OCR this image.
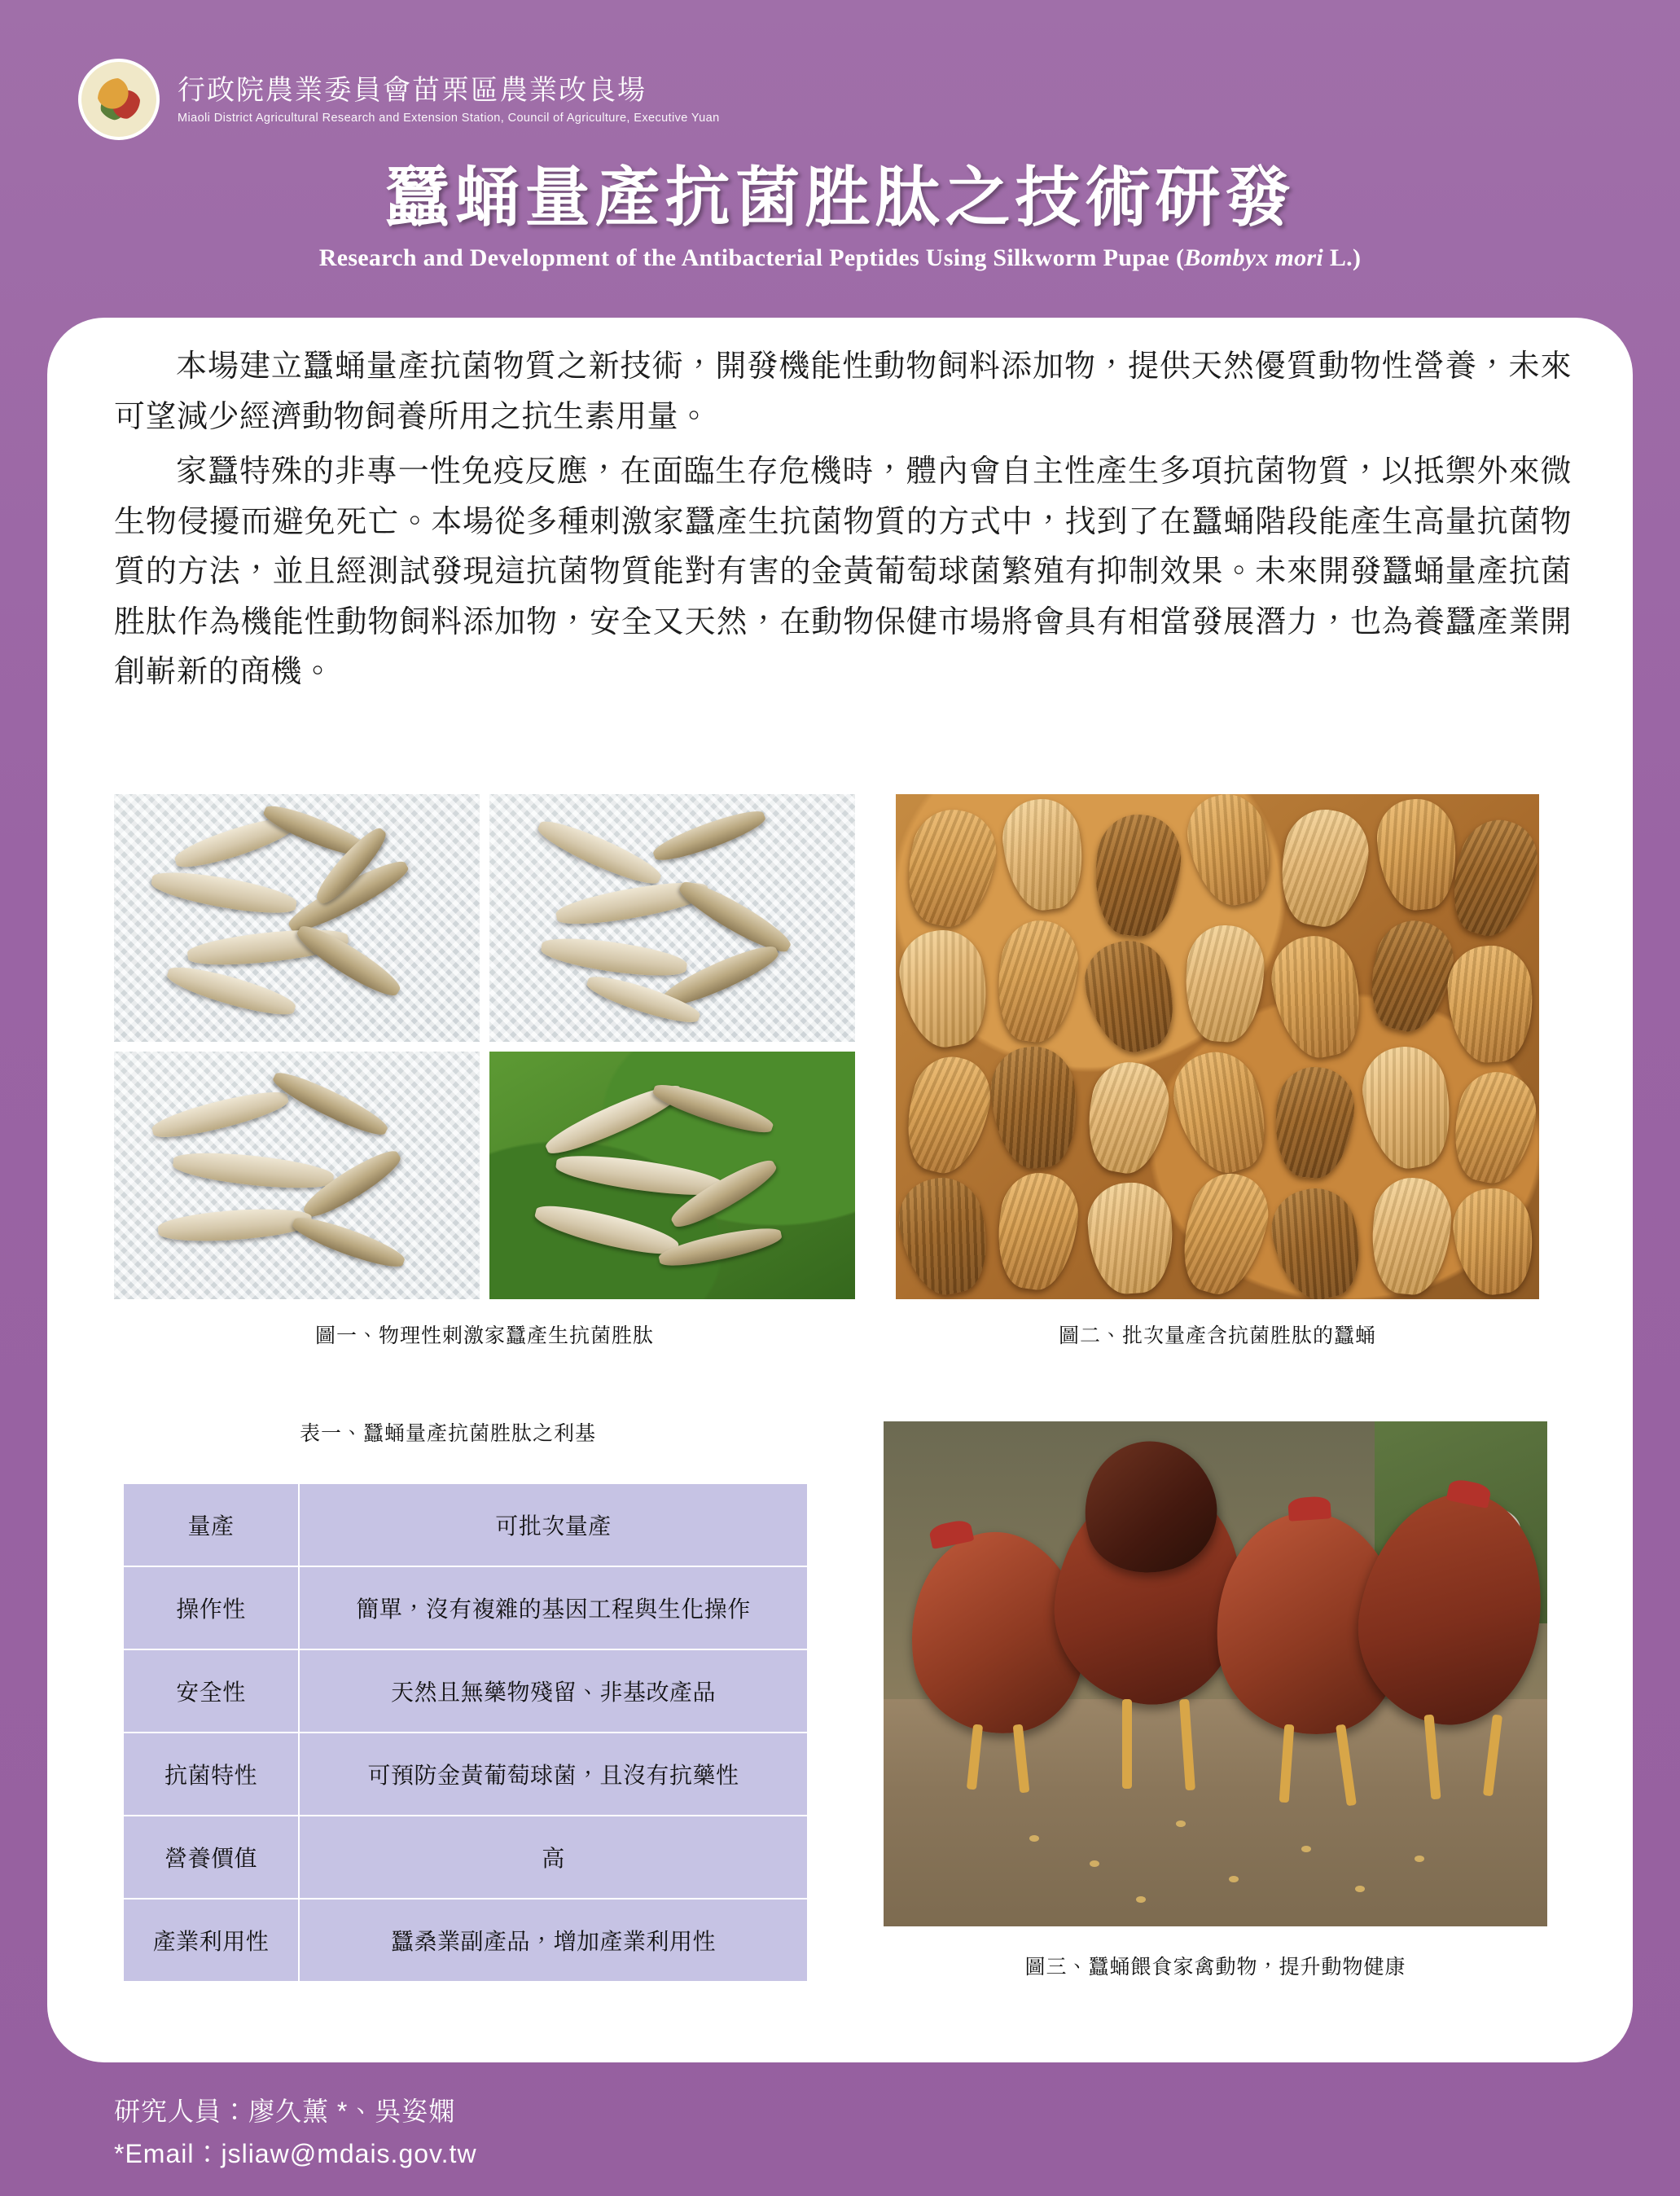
行政院農業委員會苗栗區農業改良場
Miaoli District Agricultural Research and Extension Station, Council of Agriculture, Executive Yuan
蠶蛹量產抗菌胜肽之技術研發
Research and Development of the Antibacterial Peptides Using Silkworm Pupae (Bombyx mori L.)

本場建立蠶蛹量產抗菌物質之新技術，開發機能性動物飼料添加物，提供天然優質動物性營養，未來可望減少經濟動物飼養所用之抗生素用量。

家蠶特殊的非專一性免疫反應，在面臨生存危機時，體內會自主性產生多項抗菌物質，以抵禦外來微生物侵擾而避免死亡。本場從多種刺激家蠶產生抗菌物質的方式中，找到了在蠶蛹階段能產生高量抗菌物質的方法，並且經測試發現這抗菌物質能對有害的金黃葡萄球菌繁殖有抑制效果。未來開發蠶蛹量產抗菌胜肽作為機能性動物飼料添加物，安全又天然，在動物保健市場將會具有相當發展潛力，也為養蠶產業開創嶄新的商機。

圖一、物理性刺激家蠶產生抗菌胜肽	圖二、批次量產含抗菌胜肽的蠶蛹
表一、蠶蛹量產抗菌胜肽之利基
量產	可批次量產
操作性	簡單，沒有複雜的基因工程與生化操作
安全性	天然且無藥物殘留、非基改產品
抗菌特性	可預防金黃葡萄球菌，且沒有抗藥性
營養價值	高
產業利用性	蠶桑業副產品，增加產業利用性
圖三、蠶蛹餵食家禽動物，提升動物健康
研究人員：廖久薰 *、吳姿嫻
*Email：jsliaw@mdais.gov.tw
